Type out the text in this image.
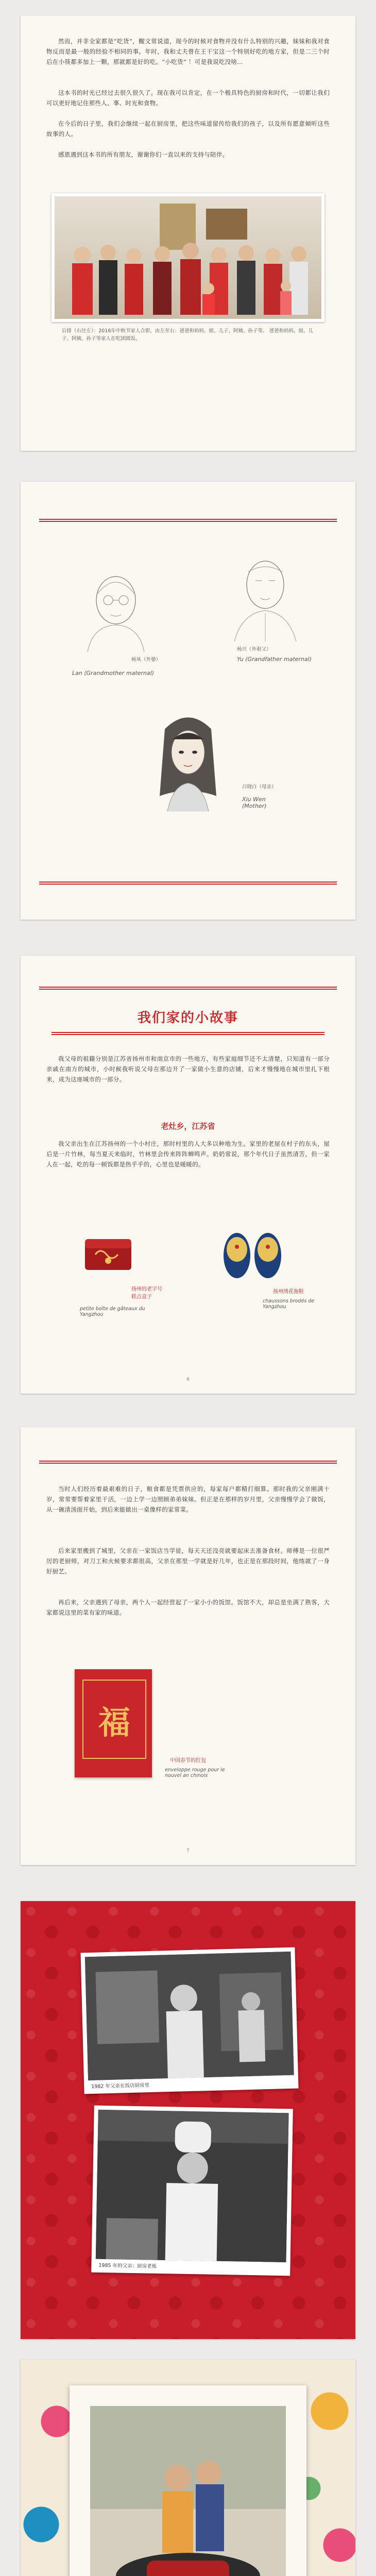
然而，并非全家都是“吃货”，醒文常说道，现今的时候对食物并没有什么特别的兴趣，妹妹和我对食物反而是最一般的经验不相同的事。年时，我和丈夫曾在王干宝这一个特别好吃的地方家，但是二三个时后在小筷都多加上一颗，那就都是好的吃。“小吃货” ！可是我说吃没啥…

这本书的时光已经过去很久很久了。现在我可以肯定，在一个极具特色的厨房和时代，一切都让我们可以更好地记住那些人、事、时光和食物。

在今后的日子里，我们会继续一起在厨房里，把这些味道留传给我们的孩子，以及所有愿意倾听这些故事的人。

感恩遇到这本书的所有朋友，谢谢你们一直以来的支持与陪伴。

后排（右往左）：2016年中秋节家人合影，由左至右：爸爸和妈妈、姐、儿子、阿姨、孙子等。 爸爸和妈妈、姐、儿子、阿姨、孙子等家人在吃团圆饭。
杨凤（外婆）
Lan (Grandmother maternal)
杨兴（外祖父）
Yu (Grandfather maternal)
吕晓白（母亲）
Xiu Wen (Mother)
我们家的小故事

我父母的祖籍分别是江苏省扬州市和南京市的一些地方，有些家庭细节还不太清楚，只知道有一部分亲戚在南方的城市，小时候我听说父母在那边开了一家做小生意的店铺，后来才慢慢地在城市里扎下根来，成为这座城市的一部分。

老灶乡，江苏省

我父亲出生在江苏扬州的一个小村庄，那时村里的人大多以种地为生。家里的老屋在村子的东头，屋后是一片竹林，每当夏天来临时，竹林里会传来阵阵蝉鸣声。奶奶常说，那个年代日子虽然清苦，但一家人在一起，吃的每一顿饭都是热乎乎的，心里也是暖暖的。

扬州的老字号
糕点盒子
petite boîte de gâteaux du Yangzhou
扬州绣花拖鞋
chaussons brodés de Yangzhou
6

当时人们经历着最艰难的日子，粮食都是凭票供应的，每家每户都精打细算。那时我的父亲刚满十岁，常常要帮着家里干活，一边上学一边照顾弟弟妹妹。但正是在那样的岁月里，父亲慢慢学会了做饭，从一碗清汤面开始，到后来能做出一桌像样的家常菜。

后来家里搬到了城里，父亲在一家饭店当学徒，每天天还没亮就要起床去准备食材。师傅是一位很严厉的老厨师，对刀工和火候要求都很高，父亲在那里一学就是好几年，也正是在那段时间，他练就了一身好厨艺。

再后来，父亲遇到了母亲，两个人一起经营起了一家小小的饭馆。饭馆不大，却总是坐满了熟客，大家都说这里的菜有家的味道。

福
中国春节的红包
enveloppe rouge pour le nouvel an chinois
7
1982 年父亲在饭店厨房里
1985 年的父亲：厨房老板
